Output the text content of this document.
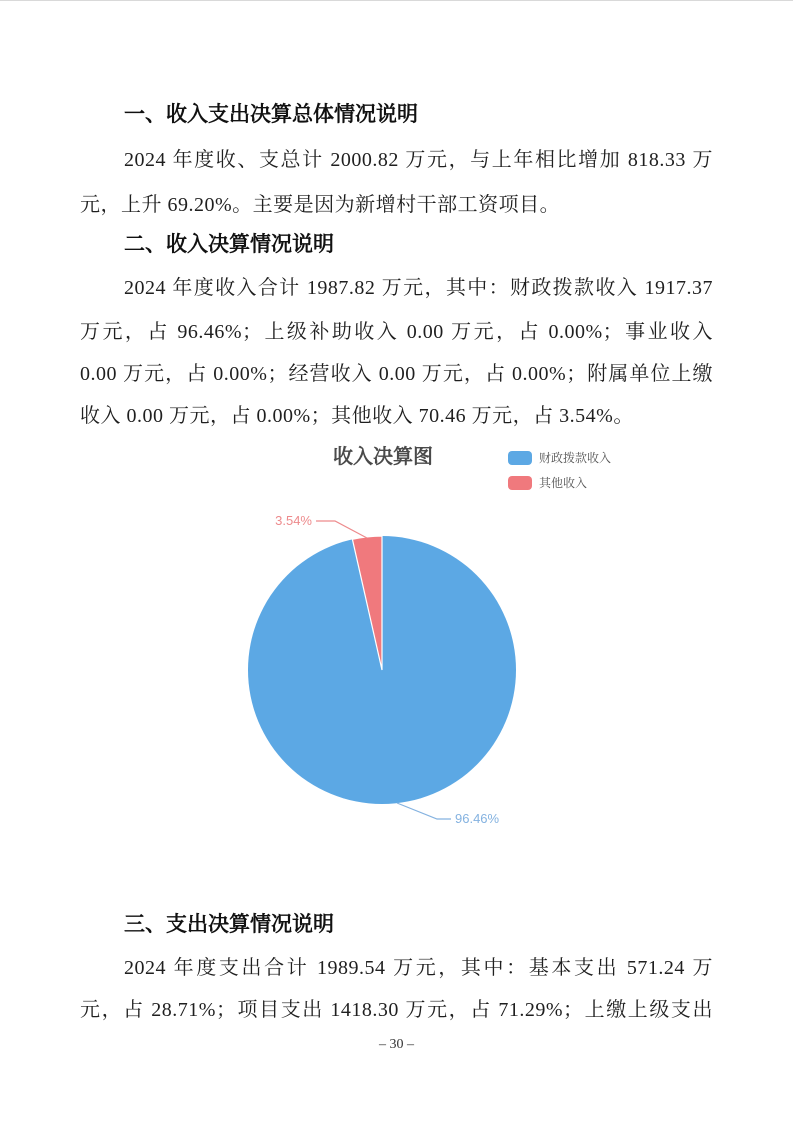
一、收入支出决算总体情况说明
2024 年度收、支总计 2000.82 万元，与上年相比增加 818.33 万
元，上升 69.20%。主要是因为新增村干部工资项目。
二、收入决算情况说明
2024 年度收入合计 1987.82 万元，其中：财政拨款收入 1917.37
万元，占 96.46%；上级补助收入 0.00 万元，占 0.00%；事业收入
0.00 万元，占 0.00%；经营收入 0.00 万元，占 0.00%；附属单位上缴
收入 0.00 万元，占 0.00%；其他收入 70.46 万元，占 3.54%。
收入决算图	财政拨款收入
其他收入
3.54%
96.46%
三、支出决算情况说明
2024 年度支出合计 1989.54 万元，其中：基本支出 571.24 万
元，占 28.71%；项目支出 1418.30 万元，占 71.29%；上缴上级支出
– 30 –
